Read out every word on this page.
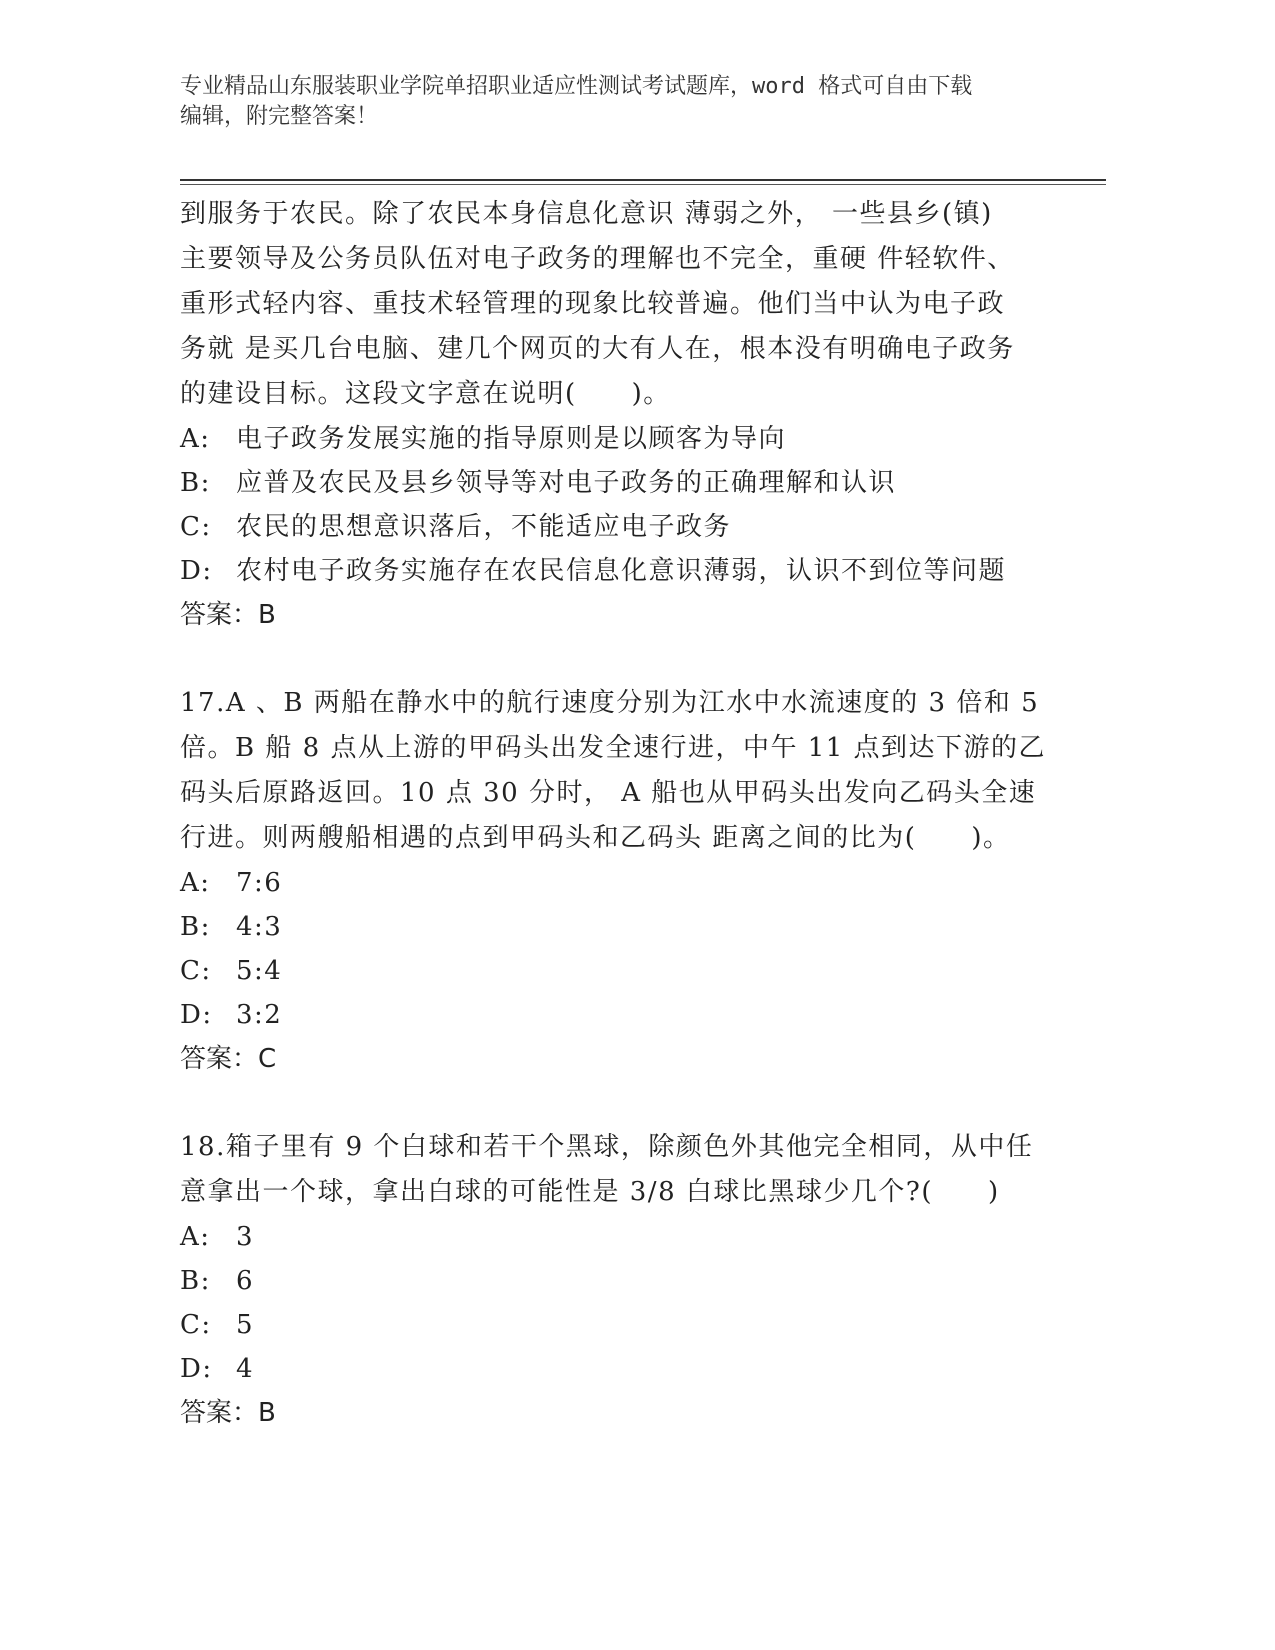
专业精品山东服装职业学院单招职业适应性测试考试题库，word 格式可自由下载
编辑，附完整答案！

到服务于农民。除了农民本身信息化意识 薄弱之外， 一些县乡(镇)

主要领导及公务员队伍对电子政务的理解也不完全，重硬 件轻软件、

重形式轻内容、重技术轻管理的现象比较普遍。他们当中认为电子政

务就 是买几台电脑、建几个网页的大有人在，根本没有明确电子政务

的建设目标。这段文字意在说明(　　)。

A: 电子政务发展实施的指导原则是以顾客为导向
B: 应普及农民及县乡领导等对电子政务的正确理解和认识
C: 农民的思想意识落后，不能适应电子政务
D: 农村电子政务实施存在农民信息化意识薄弱，认识不到位等问题

答案：B

17.A 、B 两船在静水中的航行速度分别为江水中水流速度的 3 倍和 5

倍。B 船 8 点从上游的甲码头出发全速行进，中午 11 点到达下游的乙

码头后原路返回。10 点 30 分时， A 船也从甲码头出发向乙码头全速

行进。则两艘船相遇的点到甲码头和乙码头 距离之间的比为(　　)。

A: 7:6
B: 4:3
C: 5:4
D: 3:2

答案：C

18.箱子里有 9 个白球和若干个黑球，除颜色外其他完全相同，从中任

意拿出一个球，拿出白球的可能性是 3/8 白球比黑球少几个?(　　)

A: 3
B: 6
C: 5
D: 4

答案：B
